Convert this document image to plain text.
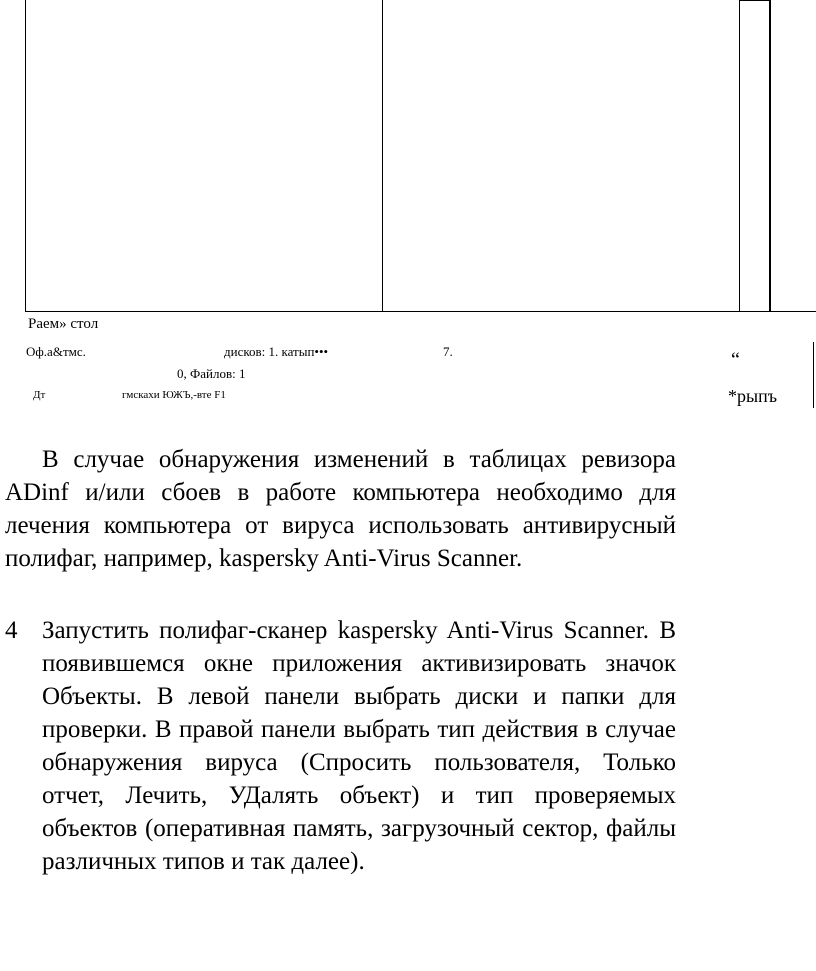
Раем» стол
Оф.а&тмс.	дисков: 1. катып•••	7.
0, Файлов: 1
Дт	гмскахи ЮЖЪ,-втe F1
“
*рыпъ
В случае обнаружения изменений в таблицах ревизора ADinf и/или сбоев в работе компьютера необходимо для лечения компьютера от вируса использовать антивирусный полифаг, например, kaspersky Anti-Virus Scanner.
4 Запустить полифаг-сканер kaspersky Anti-Virus Scanner. В появившемся окне приложения активизировать значок Объекты. В левой панели выбрать диски и папки для проверки. В правой панели выбрать тип действия в случае обнаружения вируса (Спросить пользователя, Только отчет, Лечить, УДалять объект) и тип проверяемых объектов (оперативная память, загрузочный сектор, файлы различных типов и так далее).
